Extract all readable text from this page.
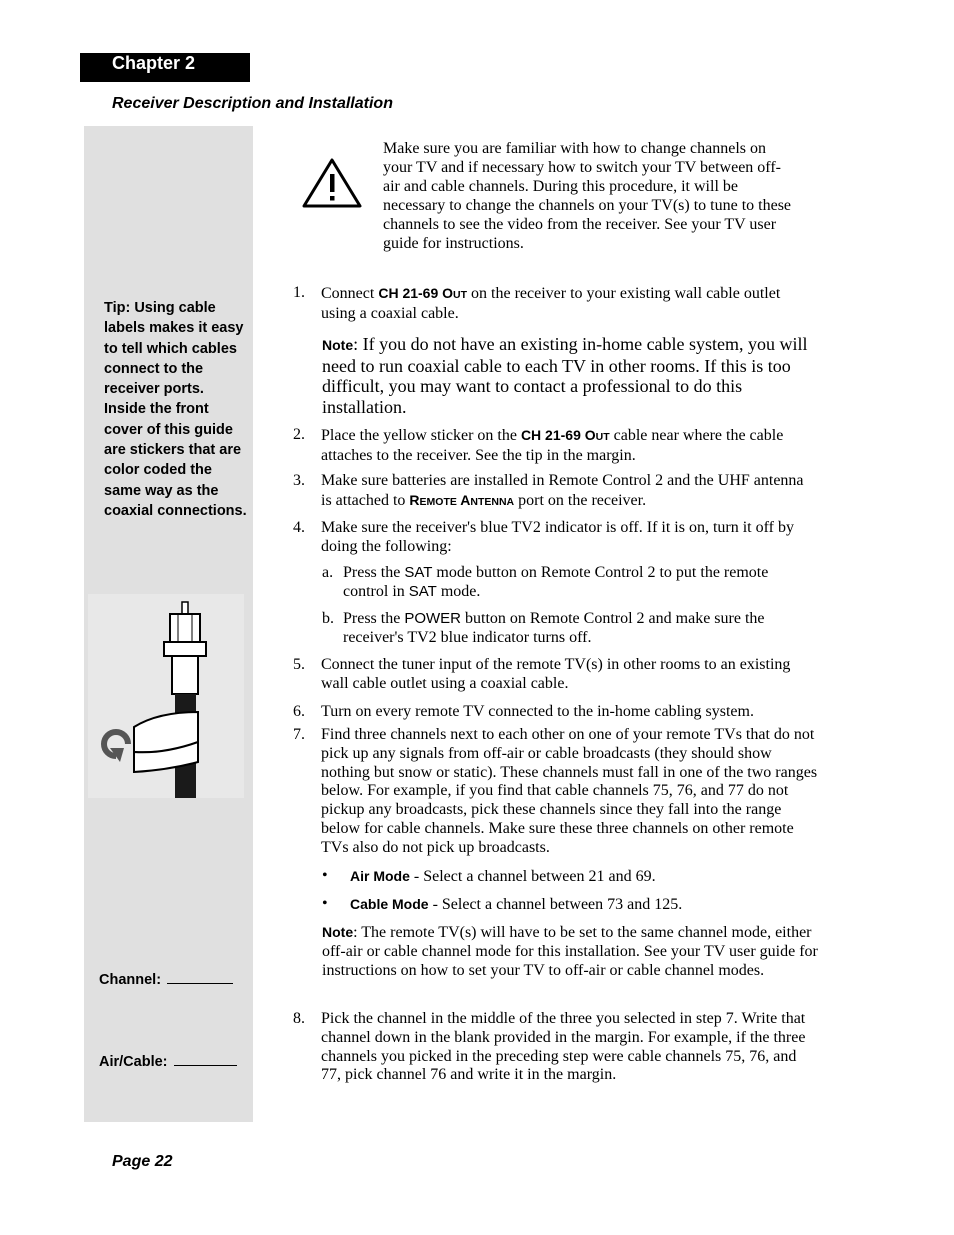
Chapter 2
Receiver Description and Installation
Tip: Using cable labels makes it easy to tell which cables connect to the receiver ports. Inside the front cover of this guide are stickers that are color coded the same way as the coaxial connections.
Channel:
Air/Cable:
Page 22
Make sure you are familiar with how to change channels on your TV and if necessary how to switch your TV between off-air and cable channels. During this procedure, it will be necessary to change the channels on your TV(s) to tune to these channels to see the video from the receiver. See your TV user guide for instructions.
1. Connect CH 21-69 OUT on the receiver to your existing wall cable outlet using a coaxial cable.
Note: If you do not have an existing in-home cable system, you will need to run coaxial cable to each TV in other rooms. If this is too difficult, you may want to contact a professional to do this installation.
2. Place the yellow sticker on the CH 21-69 OUT cable near where the cable attaches to the receiver. See the tip in the margin.
3. Make sure batteries are installed in Remote Control 2 and the UHF antenna is attached to REMOTE ANTENNA port on the receiver.
4. Make sure the receiver's blue TV2 indicator is off. If it is on, turn it off by doing the following:
a. Press the SAT mode button on Remote Control 2 to put the remote control in SAT mode.
b. Press the POWER button on Remote Control 2 and make sure the receiver's TV2 blue indicator turns off.
5. Connect the tuner input of the remote TV(s) in other rooms to an existing wall cable outlet using a coaxial cable.
6. Turn on every remote TV connected to the in-home cabling system.
7. Find three channels next to each other on one of your remote TVs that do not pick up any signals from off-air or cable broadcasts (they should show nothing but snow or static). These channels must fall in one of the two ranges below. For example, if you find that cable channels 75, 76, and 77 do not pickup any broadcasts, pick these channels since they fall into the range below for cable channels. Make sure these three channels on other remote TVs also do not pick up broadcasts.
• Air Mode - Select a channel between 21 and 69.
• Cable Mode - Select a channel between 73 and 125.
Note: The remote TV(s) will have to be set to the same channel mode, either off-air or cable channel mode for this installation. See your TV user guide for instructions on how to set your TV to off-air or cable channel modes.
8. Pick the channel in the middle of the three you selected in step 7. Write that channel down in the blank provided in the margin. For example, if the three channels you picked in the preceding step were cable channels 75, 76, and 77, pick channel 76 and write it in the margin.
